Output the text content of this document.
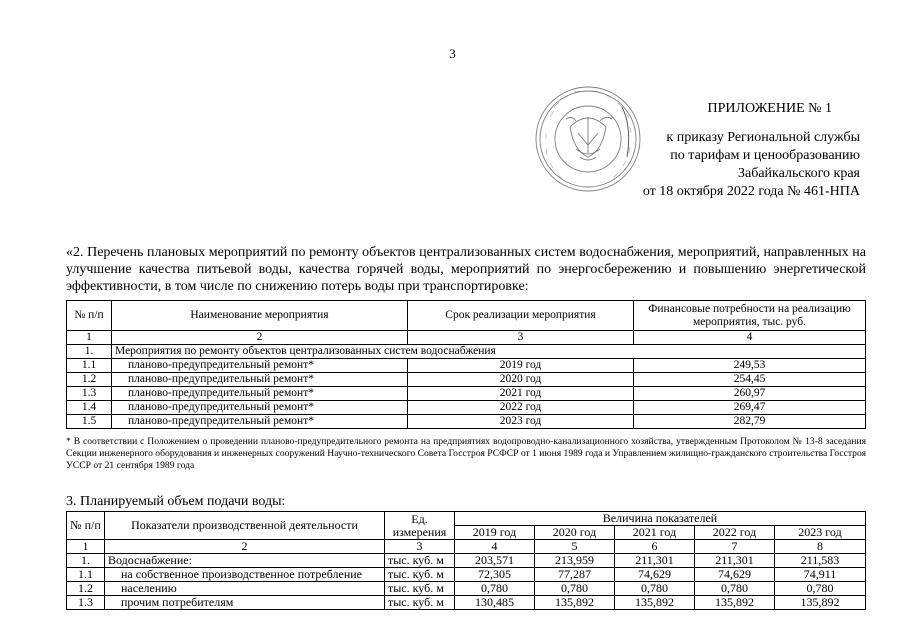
3
ПРИЛОЖЕНИЕ № 1
к приказу Региональной службы
по тарифам и ценообразованию
Забайкальского края
от 18 октября 2022 года № 461-НПА
«2. Перечень плановых мероприятий по ремонту объектов централизованных систем водоснабжения, мероприятий, направленных на улучшение качества питьевой воды, качества горячей воды, мероприятий по энергосбережению и повышению энергетической эффективности, в том числе по снижению потерь воды при транспортировке:
№ п/п	Наименование мероприятия	Срок реализации мероприятия	Финансовые потребности на реализацию мероприятия, тыс. руб.
1	2	3	4
1.	Мероприятия по ремонту объектов централизованных систем водоснабжения		
1.1	планово-предупредительный ремонт*	2019 год	249,53
1.2	планово-предупредительный ремонт*	2020 год	254,45
1.3	планово-предупредительный ремонт*	2021 год	260,97
1.4	планово-предупредительный ремонт*	2022 год	269,47
1.5	планово-предупредительный ремонт*	2023 год	282,79
* В соответствии с Положением о проведении планово-предупредительного ремонта на предприятиях водопроводно-канализационного хозяйства, утвержденным Протоколом № 13-8 заседания Секции инженерного оборудования и инженерных сооружений Научно-технического Совета Госстроя РСФСР от 1 июня 1989 года и Управлением жилищно-гражданского строительства Госстроя УССР от 21 сентября 1989 года
3. Планируемый объем подачи воды:
№ п/п	Показатели производственной деятельности	Ед. измерения	Величина показателей				
			2019 год	2020 год	2021 год	2022 год	2023 год
1	2	3	4	5	6	7	8
1.	Водоснабжение:	тыс. куб. м	203,571	213,959	211,301	211,301	211,583
1.1	на собственное производственное потребление	тыс. куб. м	72,305	77,287	74,629	74,629	74,911
1.2	населению	тыс. куб. м	0,780	0,780	0,780	0,780	0,780
1.3	прочим потребителям	тыс. куб. м	130,485	135,892	135,892	135,892	135,892
